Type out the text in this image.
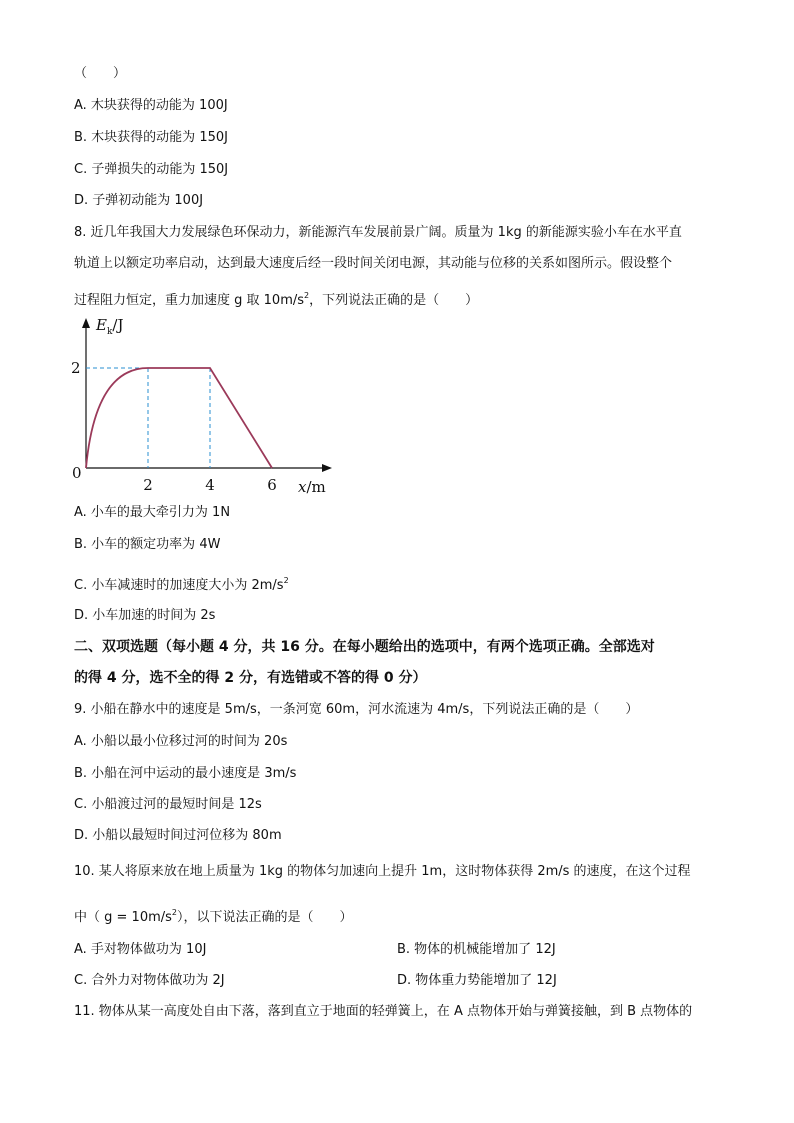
（　　）
A. 木块获得的动能为 100J
B. 木块获得的动能为 150J
C. 子弹损失的动能为 150J
D. 子弹初动能为 100J
8. 近几年我国大力发展绿色环保动力，新能源汽车发展前景广阔。质量为 1kg 的新能源实验小车在水平直
轨道上以额定功率启动，达到最大速度后经一段时间关闭电源，其动能与位移的关系如图所示。假设整个
过程阻力恒定，重力加速度 g 取 $10m/s^2$，下列说法正确的是（　　）
$E_k/J$
x/m
0
2
2	4	6
A. 小车的最大牵引力为 1N
B. 小车的额定功率为 4W
C. 小车减速时的加速度大小为 $2m/s^2$
D. 小车加速的时间为 2s
二、双项选题（每小题 4 分，共 16 分。在每小题给出的选项中，有两个选项正确。全部选对
的得 4 分，选不全的得 2 分，有选错或不答的得 0 分）
9. 小船在静水中的速度是 5m/s，一条河宽 60m，河水流速为 4m/s，下列说法正确的是（　　）
A. 小船以最小位移过河的时间为 20s
B. 小船在河中运动的最小速度是 3m/s
C. 小船渡过河的最短时间是 12s
D. 小船以最短时间过河位移为 80m
10. 某人将原来放在地上质量为 1kg 的物体匀加速向上提升 1m，这时物体获得 2m/s 的速度，在这个过程
中（ $g = 10m/s^2$），以下说法正确的是（　　）
A. 手对物体做功为 10J	B. 物体的机械能增加了 12J
C. 合外力对物体做功为 2J	D. 物体重力势能增加了 12J
11. 物体从某一高度处自由下落，落到直立于地面的轻弹簧上，在 A 点物体开始与弹簧接触，到 B 点物体的
